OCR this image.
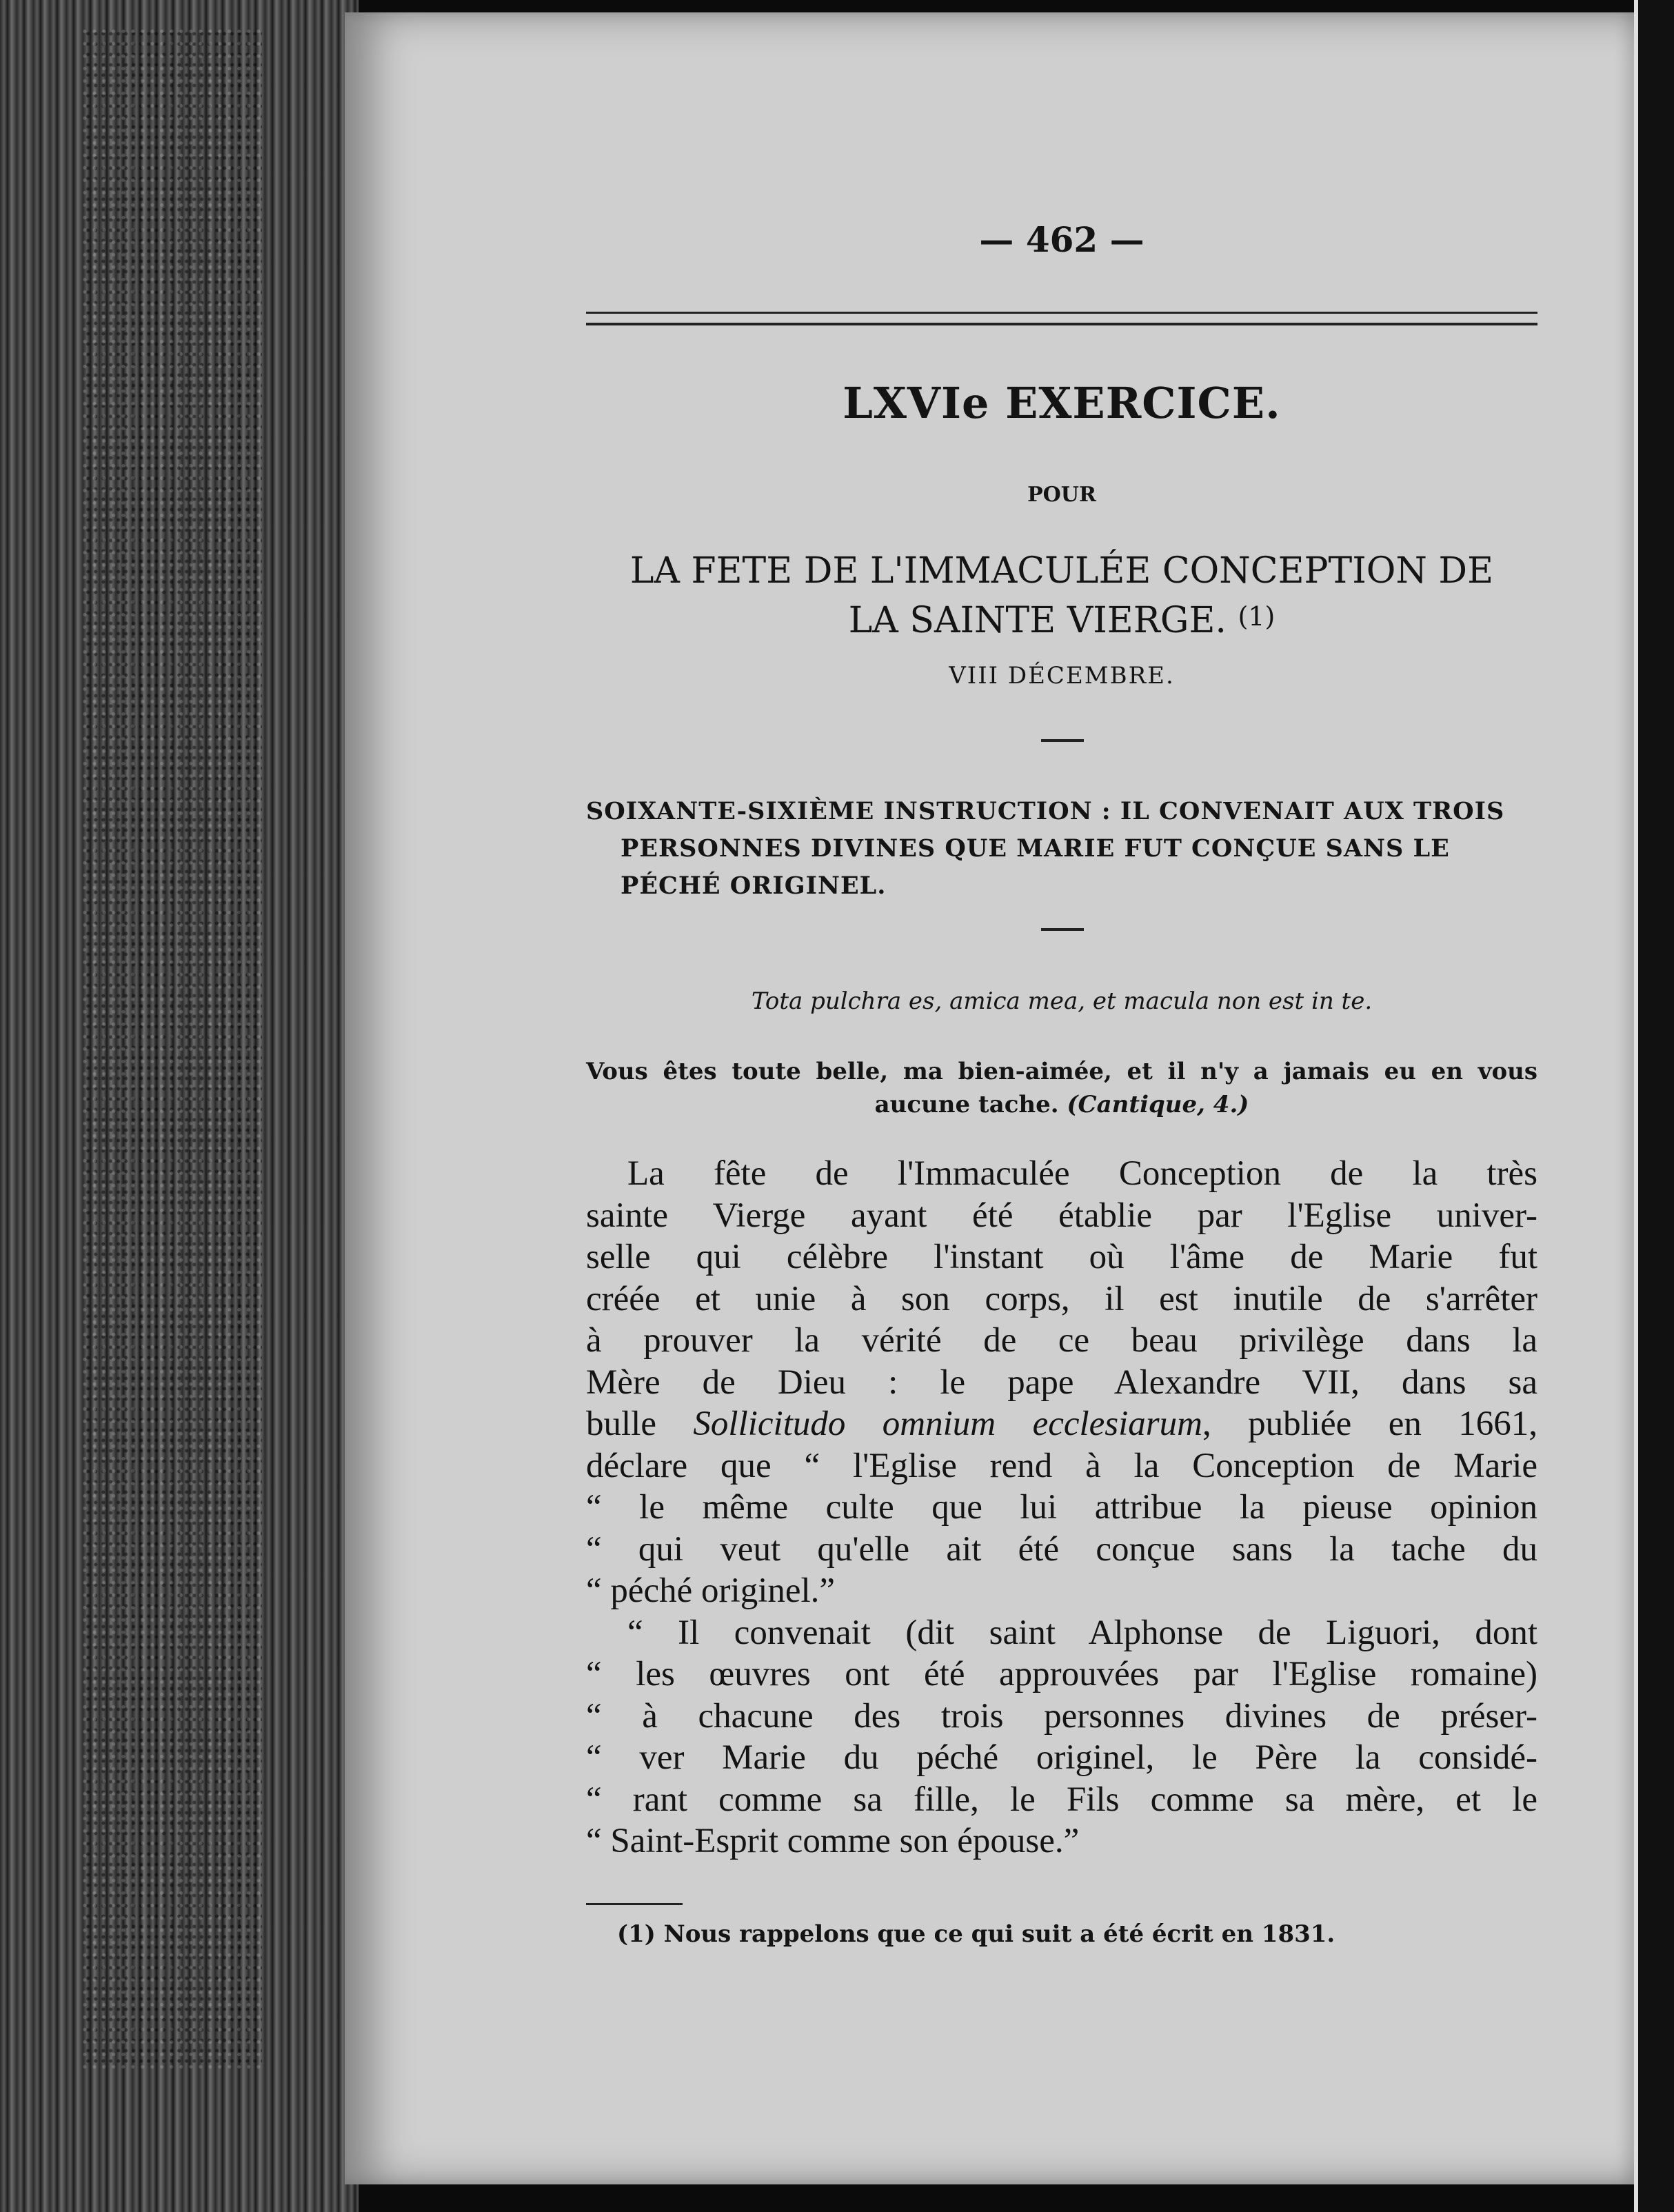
— 462 —
LXVIe EXERCICE.
POUR
LA FETE DE L'IMMACULÉE CONCEPTION DE
LA SAINTE VIERGE. (1)
VIII DÉCEMBRE.
SOIXANTE-SIXIÈME INSTRUCTION : IL CONVENAIT AUX TROIS
PERSONNES DIVINES QUE MARIE FUT CONÇUE SANS LE
PÉCHÉ ORIGINEL.
Tota pulchra es, amica mea, et macula non est in te.
Vous êtes toute belle, ma bien-aimée, et il n'y a jamais eu en vous
aucune tache. (Cantique, 4.)
La fête de l'Immaculée Conception de la très
sainte Vierge ayant été établie par l'Eglise univer-
selle qui célèbre l'instant où l'âme de Marie fut
créée et unie à son corps, il est inutile de s'arrêter
à prouver la vérité de ce beau privilège dans la
Mère de Dieu : le pape Alexandre VII, dans sa
bulle Sollicitudo omnium ecclesiarum, publiée en 1661,
déclare que “ l'Eglise rend à la Conception de Marie
“ le même culte que lui attribue la pieuse opinion
“ qui veut qu'elle ait été conçue sans la tache du
“ péché originel.”
“ Il convenait (dit saint Alphonse de Liguori, dont
“ les œuvres ont été approuvées par l'Eglise romaine)
“ à chacune des trois personnes divines de préser-
“ ver Marie du péché originel, le Père la considé-
“ rant comme sa fille, le Fils comme sa mère, et le
“ Saint-Esprit comme son épouse.”
(1) Nous rappelons que ce qui suit a été écrit en 1831.
